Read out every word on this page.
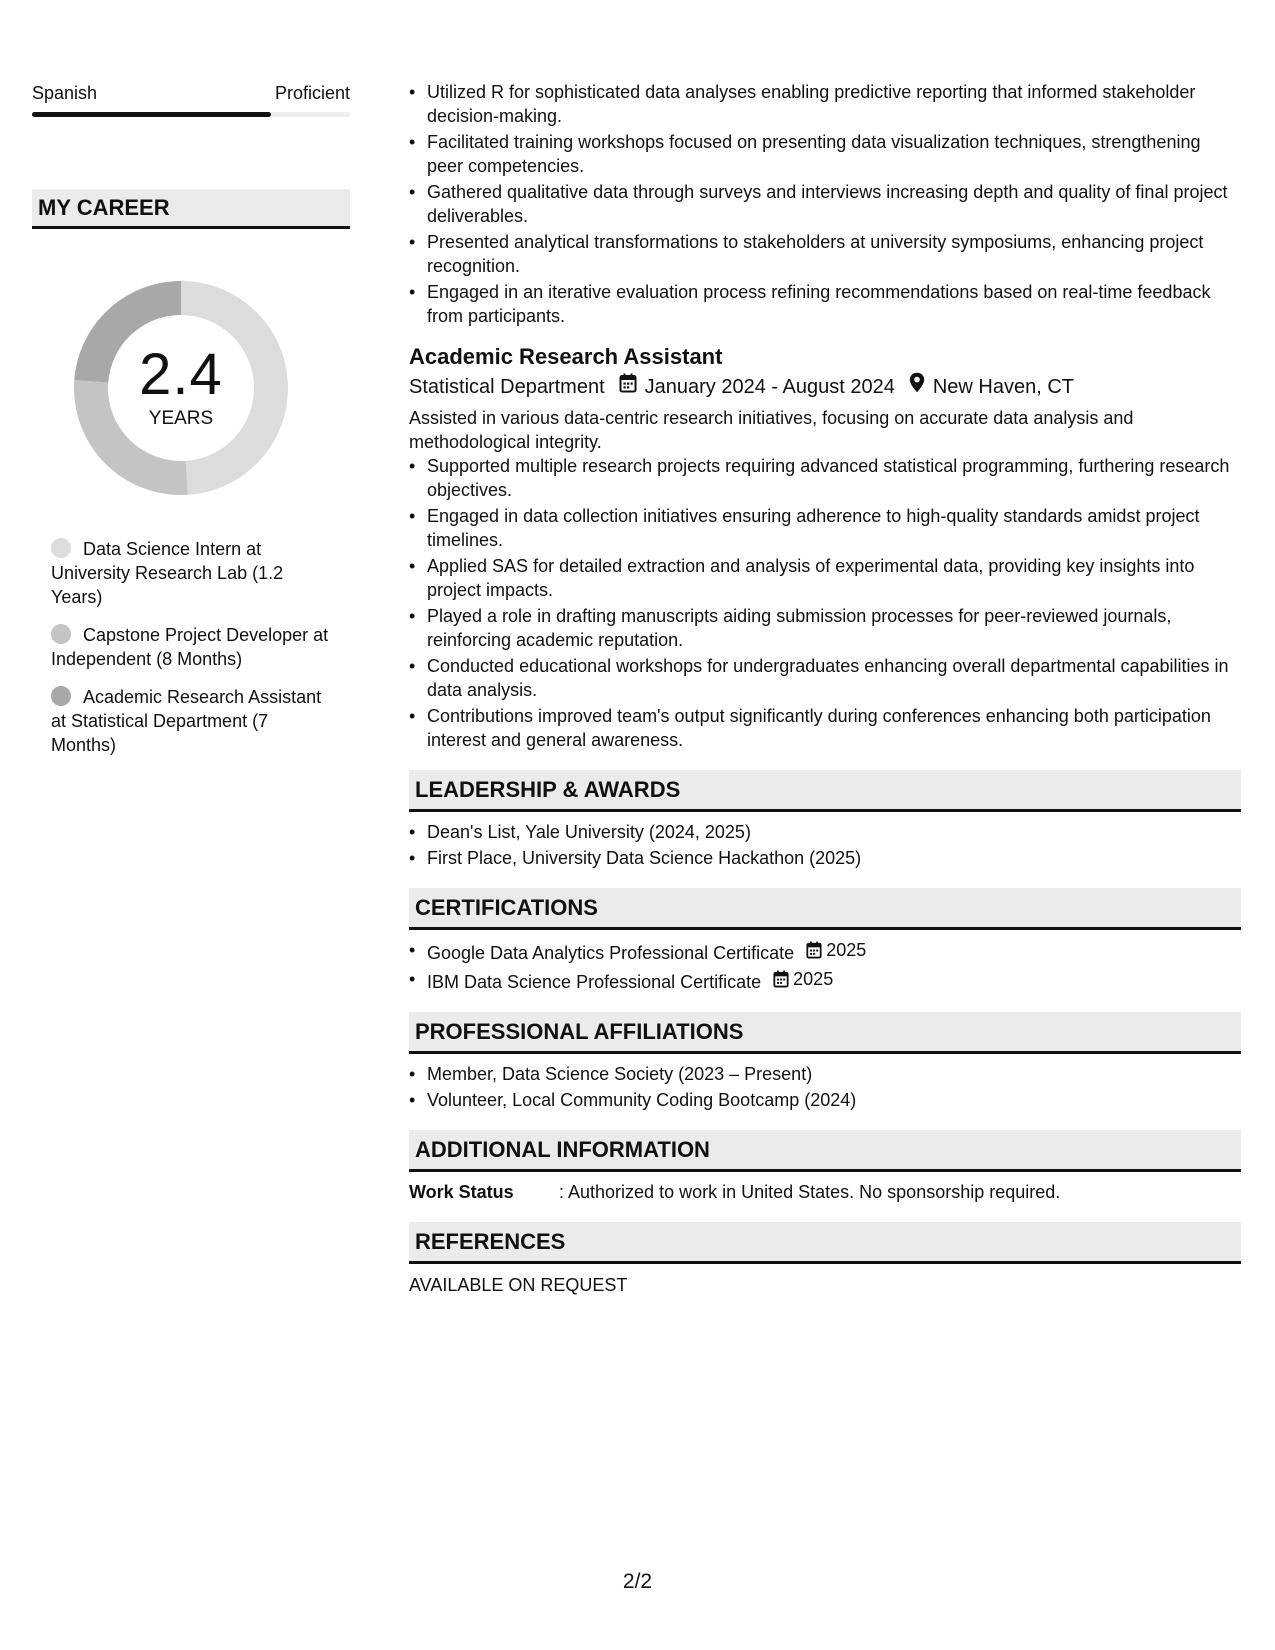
Spanish	Proficient
MY CAREER
2.4
YEARS
Data Science Intern at University Research Lab (1.2 Years)
Capstone Project Developer at Independent (8 Months)
Academic Research Assistant at Statistical Department (7 Months)
• Utilized R for sophisticated data analyses enabling predictive reporting that informed stakeholder decision-making.
• Facilitated training workshops focused on presenting data visualization techniques, strengthening peer competencies.
• Gathered qualitative data through surveys and interviews increasing depth and quality of final project deliverables.
• Presented analytical transformations to stakeholders at university symposiums, enhancing project recognition.
• Engaged in an iterative evaluation process refining recommendations based on real-time feedback from participants.
Academic Research Assistant
Statistical Department January 2024 - August 2024 New Haven, CT
Assisted in various data-centric research initiatives, focusing on accurate data analysis and methodological integrity.
• Supported multiple research projects requiring advanced statistical programming, furthering research objectives.
• Engaged in data collection initiatives ensuring adherence to high-quality standards amidst project timelines.
• Applied SAS for detailed extraction and analysis of experimental data, providing key insights into project impacts.
• Played a role in drafting manuscripts aiding submission processes for peer-reviewed journals, reinforcing academic reputation.
• Conducted educational workshops for undergraduates enhancing overall departmental capabilities in data analysis.
• Contributions improved team's output significantly during conferences enhancing both participation interest and general awareness.
LEADERSHIP & AWARDS
• Dean's List, Yale University (2024, 2025)
• First Place, University Data Science Hackathon (2025)
CERTIFICATIONS
• Google Data Analytics Professional Certificate 2025
• IBM Data Science Professional Certificate 2025
PROFESSIONAL AFFILIATIONS
• Member, Data Science Society (2023 – Present)
• Volunteer, Local Community Coding Bootcamp (2024)
ADDITIONAL INFORMATION
Work Status	: Authorized to work in United States. No sponsorship required.
REFERENCES
AVAILABLE ON REQUEST
2/2
